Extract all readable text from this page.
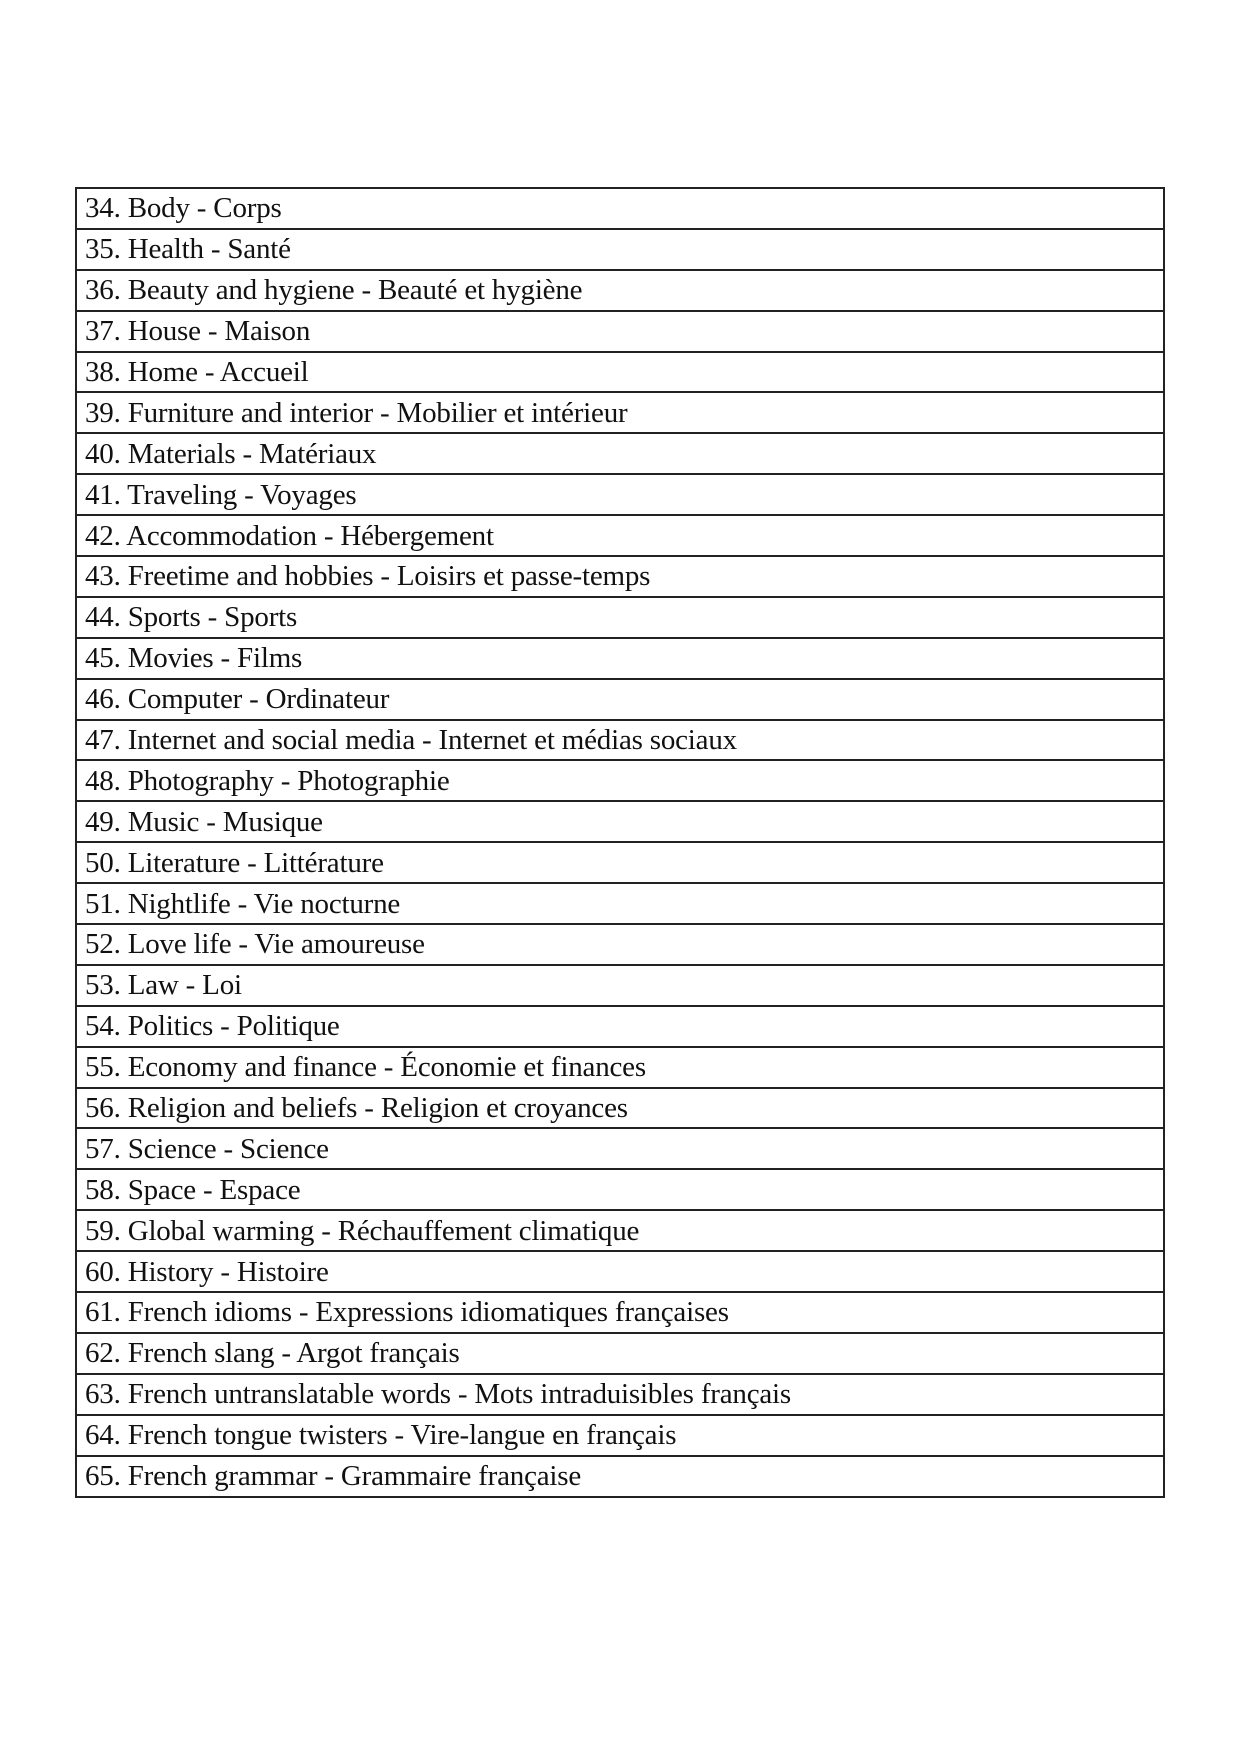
34. Body - Corps
35. Health - Santé
36. Beauty and hygiene - Beauté et hygiène
37. House - Maison
38. Home - Accueil
39. Furniture and interior - Mobilier et intérieur
40. Materials - Matériaux
41. Traveling - Voyages
42. Accommodation - Hébergement
43. Freetime and hobbies - Loisirs et passe-temps
44. Sports - Sports
45. Movies - Films
46. Computer - Ordinateur
47. Internet and social media - Internet et médias sociaux
48. Photography - Photographie
49. Music - Musique
50. Literature - Littérature
51. Nightlife - Vie nocturne
52. Love life - Vie amoureuse
53. Law - Loi
54. Politics - Politique
55. Economy and finance - Économie et finances
56. Religion and beliefs - Religion et croyances
57. Science - Science
58. Space - Espace
59. Global warming - Réchauffement climatique
60. History - Histoire
61. French idioms - Expressions idiomatiques françaises
62. French slang - Argot français
63. French untranslatable words - Mots intraduisibles français
64. French tongue twisters - Vire-langue en français
65. French grammar - Grammaire française
